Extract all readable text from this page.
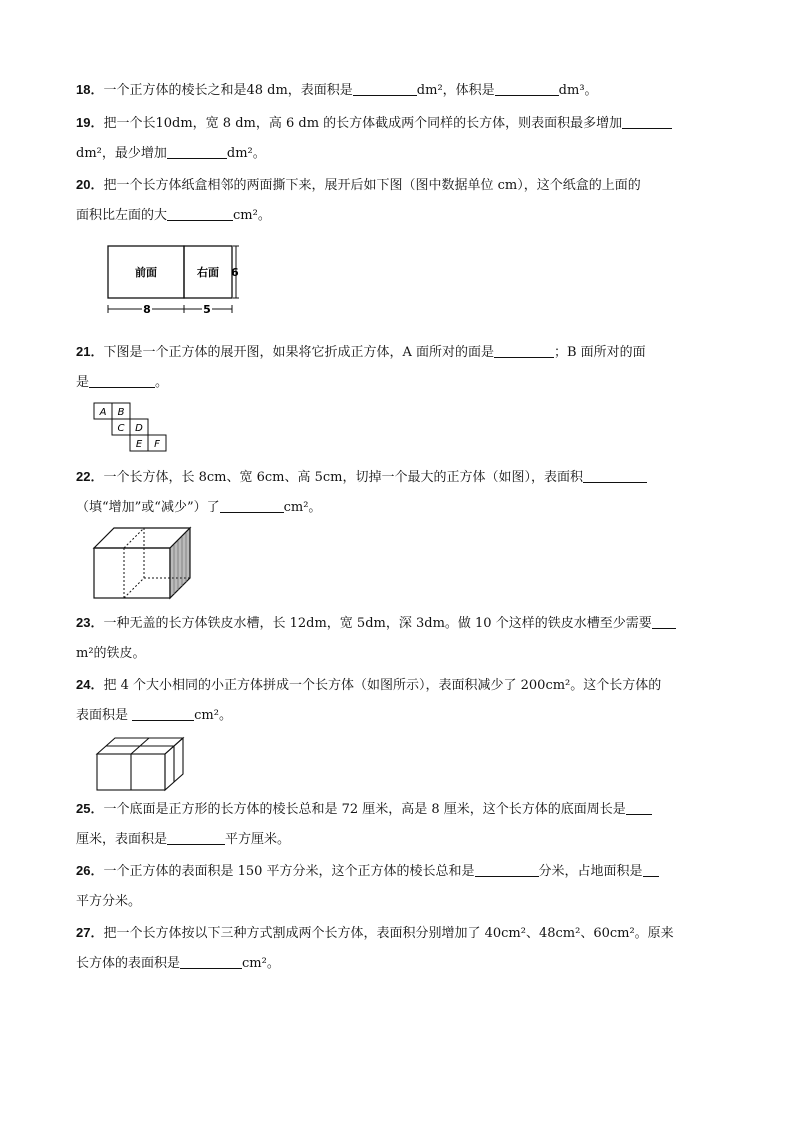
18．一个正方体的棱长之和是48 dm，表面积是	dm²，体积是	dm³。
19．把一个长10dm，宽 8 dm，高 6 dm 的长方体截成两个同样的长方体，则表面积最多增加
dm²，最少增加	dm²。
20．把一个长方体纸盒相邻的两面撕下来，展开后如下图（图中数据单位 cm），这个纸盒的上面的
面积比左面的大	cm²。
前面	右面 6
8	5
21．下图是一个正方体的展开图，如果将它折成正方体，A 面所对的面是	；B 面所对的面
是	。
A B
C D
E F
22．一个长方体，长 8cm、宽 6cm、高 5cm，切掉一个最大的正方体（如图），表面积
（填“增加”或“减少”）了	cm²。
23．一种无盖的长方体铁皮水槽，长 12dm，宽 5dm，深 3dm。做 10 个这样的铁皮水槽至少需要
m²的铁皮。
24．把 4 个大小相同的小正方体拼成一个长方体（如图所示），表面积减少了 200cm²。这个长方体的
表面积是	cm²。
25．一个底面是正方形的长方体的棱长总和是 72 厘米，高是 8 厘米，这个长方体的底面周长是
厘米，表面积是	平方厘米。
26．一个正方体的表面积是 150 平方分米，这个正方体的棱长总和是	分米，占地面积是
平方分米。
27．把一个长方体按以下三种方式割成两个长方体，表面积分别增加了 40cm²、48cm²、60cm²。原来
长方体的表面积是	cm²。
